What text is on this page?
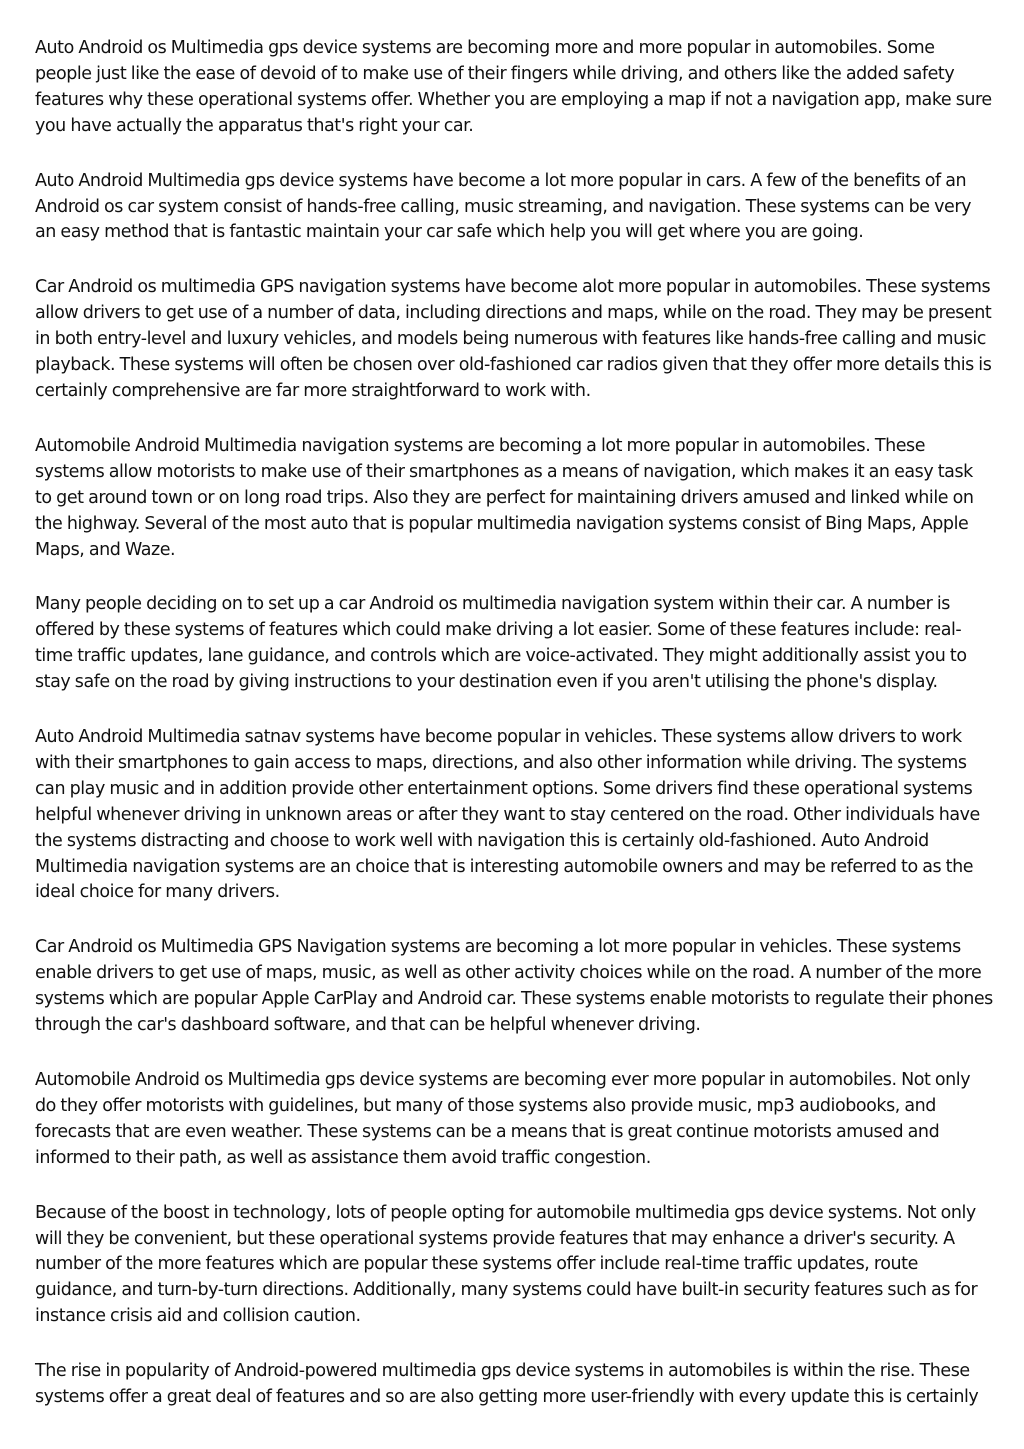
Auto Android os Multimedia gps device systems are becoming more and more popular in automobiles. Some people just like the ease of devoid of to make use of their fingers while driving, and others like the added safety features why these operational systems offer. Whether you are employing a map if not a navigation app, make sure you have actually the apparatus that's right your car.

Auto Android Multimedia gps device systems have become a lot more popular in cars. A few of the benefits of an Android os car system consist of hands-free calling, music streaming, and navigation. These systems can be very an easy method that is fantastic maintain your car safe which help you will get where you are going.

Car Android os multimedia GPS navigation systems have become alot more popular in automobiles. These systems allow drivers to get use of a number of data, including directions and maps, while on the road. They may be present in both entry-level and luxury vehicles, and models being numerous with features like hands-free calling and music playback. These systems will often be chosen over old-fashioned car radios given that they offer more details this is certainly comprehensive are far more straightforward to work with.

Automobile Android Multimedia navigation systems are becoming a lot more popular in automobiles. These systems allow motorists to make use of their smartphones as a means of navigation, which makes it an easy task to get around town or on long road trips. Also they are perfect for maintaining drivers amused and linked while on the highway. Several of the most auto that is popular multimedia navigation systems consist of Bing Maps, Apple Maps, and Waze.

Many people deciding on to set up a car Android os multimedia navigation system within their car. A number is offered by these systems of features which could make driving a lot easier. Some of these features include: real-time traffic updates, lane guidance, and controls which are voice-activated. They might additionally assist you to stay safe on the road by giving instructions to your destination even if you aren't utilising the phone's display.

Auto Android Multimedia satnav systems have become popular in vehicles. These systems allow drivers to work with their smartphones to gain access to maps, directions, and also other information while driving. The systems can play music and in addition provide other entertainment options. Some drivers find these operational systems helpful whenever driving in unknown areas or after they want to stay centered on the road. Other individuals have the systems distracting and choose to work well with navigation this is certainly old-fashioned. Auto Android Multimedia navigation systems are an choice that is interesting automobile owners and may be referred to as the ideal choice for many drivers.

Car Android os Multimedia GPS Navigation systems are becoming a lot more popular in vehicles. These systems enable drivers to get use of maps, music, as well as other activity choices while on the road. A number of the more systems which are popular Apple CarPlay and Android car. These systems enable motorists to regulate their phones through the car's dashboard software, and that can be helpful whenever driving.

Automobile Android os Multimedia gps device systems are becoming ever more popular in automobiles. Not only do they offer motorists with guidelines, but many of those systems also provide music, mp3 audiobooks, and forecasts that are even weather. These systems can be a means that is great continue motorists amused and informed to their path, as well as assistance them avoid traffic congestion.

Because of the boost in technology, lots of people opting for automobile multimedia gps device systems. Not only will they be convenient, but these operational systems provide features that may enhance a driver's security. A number of the more features which are popular these systems offer include real-time traffic updates, route guidance, and turn-by-turn directions. Additionally, many systems could have built-in security features such as for instance crisis aid and collision caution.

The rise in popularity of Android-powered multimedia gps device systems in automobiles is within the rise. These systems offer a great deal of features and so are also getting more user-friendly with every update this is certainly
